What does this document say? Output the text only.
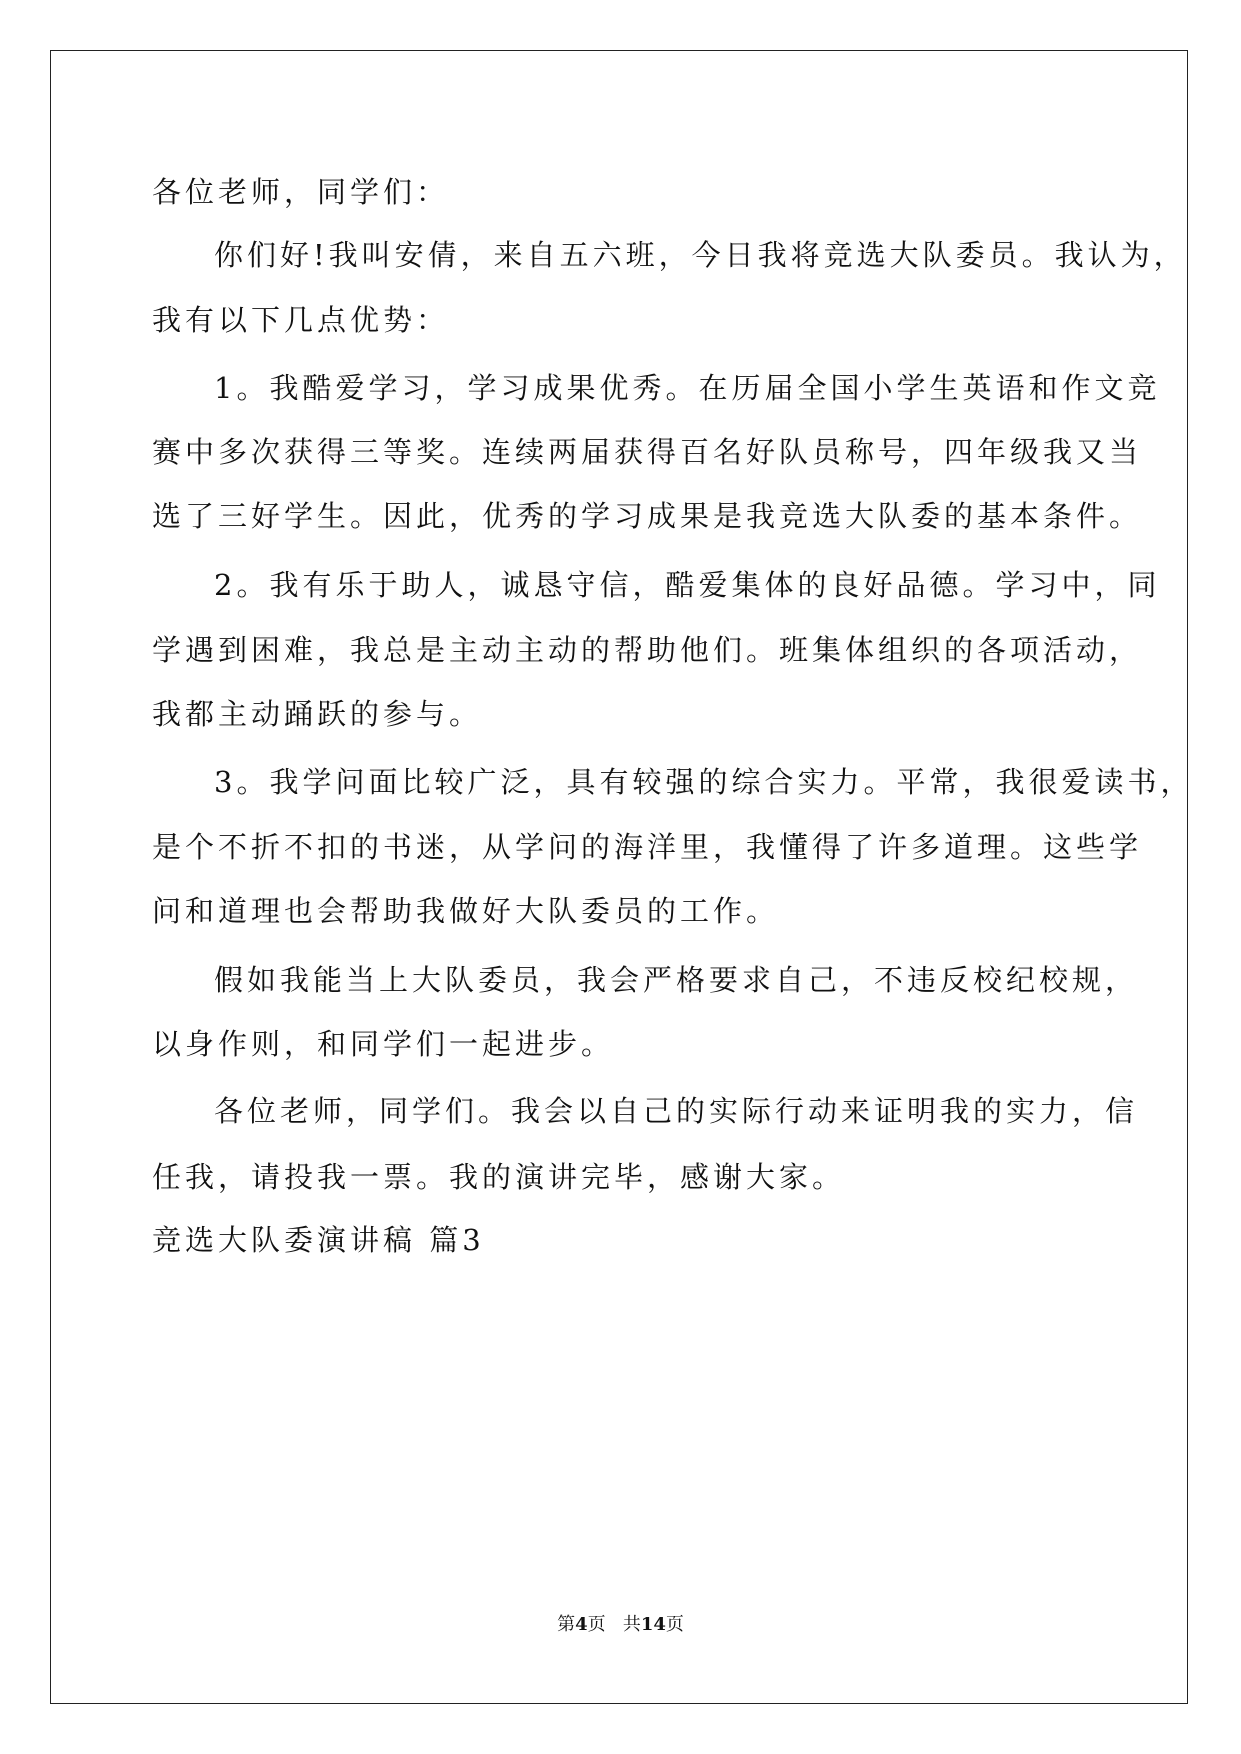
各位老师，同学们：
你们好!我叫安倩，来自五六班，今日我将竞选大队委员。我认为，
我有以下几点优势：
1。我酷爱学习，学习成果优秀。在历届全国小学生英语和作文竞
赛中多次获得三等奖。连续两届获得百名好队员称号，四年级我又当
选了三好学生。因此，优秀的学习成果是我竞选大队委的基本条件。
2。我有乐于助人，诚恳守信，酷爱集体的良好品德。学习中，同
学遇到困难，我总是主动主动的帮助他们。班集体组织的各项活动，
我都主动踊跃的参与。
3。我学问面比较广泛，具有较强的综合实力。平常，我很爱读书，
是个不折不扣的书迷，从学问的海洋里，我懂得了许多道理。这些学
问和道理也会帮助我做好大队委员的工作。
假如我能当上大队委员，我会严格要求自己，不违反校纪校规，
以身作则，和同学们一起进步。
各位老师，同学们。我会以自己的实际行动来证明我的实力，信
任我，请投我一票。我的演讲完毕，感谢大家。
竞选大队委演讲稿 篇3
第4页 共14页
